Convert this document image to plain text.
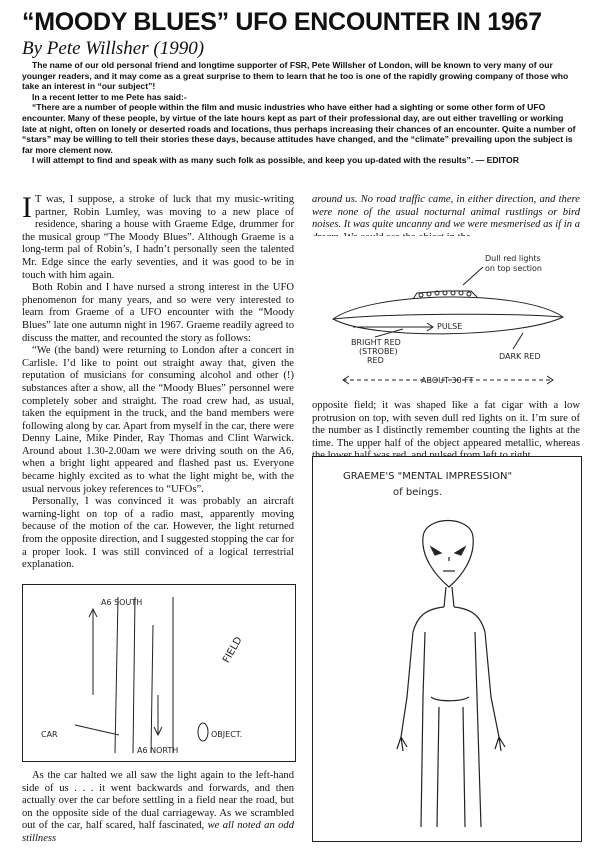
“MOODY BLUES” UFO ENCOUNTER IN 1967
By Pete Willsher (1990)

The name of our old personal friend and longtime supporter of FSR, Pete Willsher of London, will be known to very many of our younger readers, and it may come as a great surprise to them to learn that he too is one of the rapidly growing company of those who take an interest in “our subject”!

In a recent letter to me Pete has said:-

“There are a number of people within the film and music industries who have either had a sighting or some other form of UFO encounter. Many of these people, by virtue of the late hours kept as part of their professional day, are out either travelling or working late at night, often on lonely or deserted roads and locations, thus perhaps increasing their chances of an encounter. Quite a number of “stars” may be willing to tell their stories these days, because attitudes have changed, and the “climate” prevailing upon the subject is far more clement now.

I will attempt to find and speak with as many such folk as possible, and keep you up-dated with the results”. — EDITOR

I T was, I suppose, a stroke of luck that my music-writing partner, Robin Lumley, was moving to a new place of residence, sharing a house with Graeme Edge, drummer for the musical group “The Moody Blues”. Although Graeme is a long-term pal of Robin’s, I hadn’t personally seen the talented Mr. Edge since the early seventies, and it was good to be in touch with him again.

Both Robin and I have nursed a strong interest in the UFO phenomenon for many years, and so were very interested to learn from Graeme of a UFO encounter with the “Moody Blues” late one autumn night in 1967. Graeme readily agreed to discuss the matter, and recounted the story as follows:

“We (the band) were returning to London after a concert in Carlisle. I’d like to point out straight away that, given the reputation of musicians for consuming alcohol and other (!) substances after a show, all the “Moody Blues” personnel were completely sober and straight. The road crew had, as usual, taken the equipment in the truck, and the band members were following along by car. Apart from myself in the car, there were Denny Laine, Mike Pinder, Ray Thomas and Clint Warwick. Around about 1.30-2.00am we were driving south on the A6, when a bright light appeared and flashed past us. Everyone became highly excited as to what the light might be, with the usual nervous jokey references to “UFOs”.

Personally, I was convinced it was probably an aircraft warning-light on top of a radio mast, apparently moving because of the motion of the car. However, the light returned from the opposite direction, and I suggested stopping the car for a proper look. I was still convinced of a logical terrestrial explanation.

A6 SOUTH
A6 NORTH
FIELD
CAR	OBJECT.

As the car halted we all saw the light again to the left-hand side of us . . . it went backwards and forwards, and then actually over the car before settling in a field near the road, but on the opposite side of the dual carriageway. As we scrambled out of the car, half scared, half fascinated, we all noted an odd stillness

around us. No road traffic came, in either direction, and there were none of the usual nocturnal animal rustlings or bird noises. It was quite uncanny and we were mesmerised as if in a

Dull red lights
on top section
PULSE
BRIGHT RED
(STROBE)
RED	DARK RED
ABOUT 30 FT

opposite field; it was shaped like a fat cigar with a low protrusion on top, with seven dull red lights on it. I’m sure of the number as I distinctly remember counting the lights at the time. The upper half of the object appeared metallic, whereas

GRAEME'S "MENTAL IMPRESSION"
of beings.
